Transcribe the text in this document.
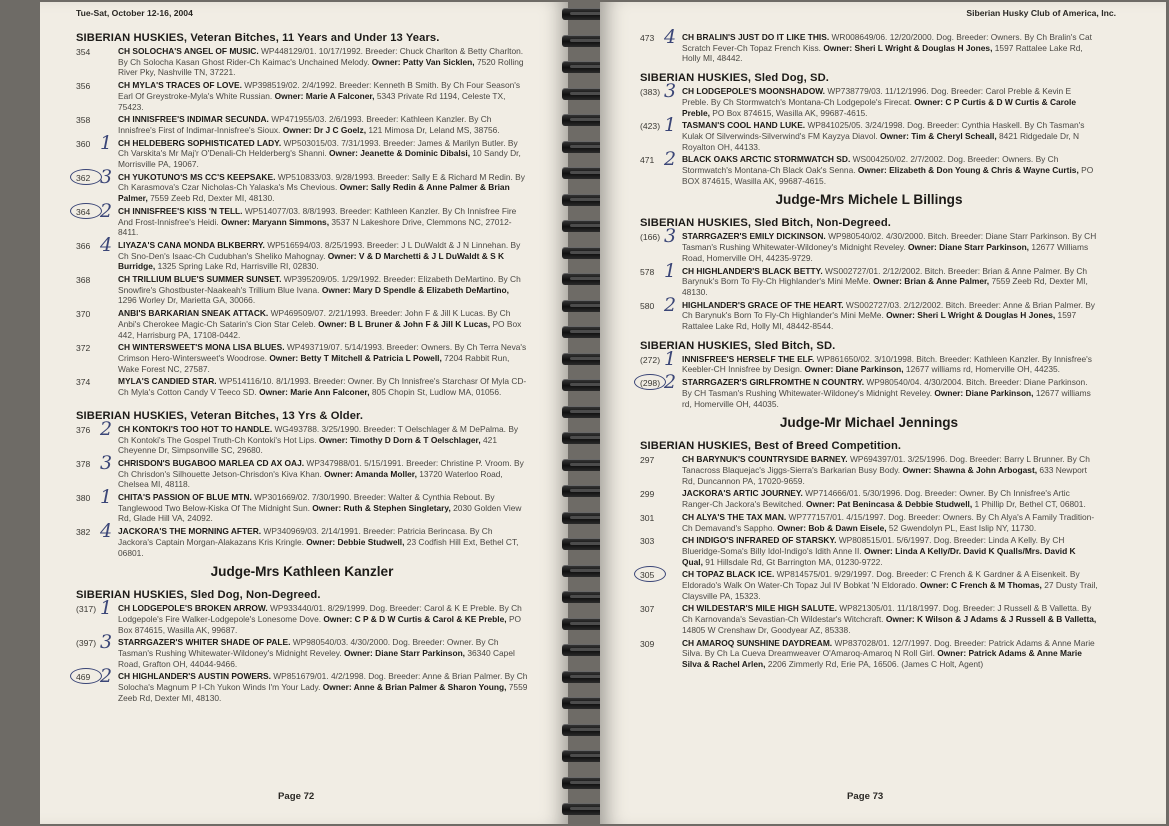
Tue-Sat, October 12-16, 2004
SIBERIAN HUSKIES, Veteran Bitches, 11 Years and Under 13 Years.
354	CH SOLOCHA'S ANGEL OF MUSIC. WP448129/01. 10/17/1992. Breeder: Chuck Charlton & Betty Charlton. By Ch Solocha Kasan Ghost Rider-Ch Kaimac's Unchained Melody. Owner: Patty Van Sicklen, 7520 Rolling River Pky, Nashville TN, 37221.
356	CH MYLA'S TRACES OF LOVE. WP398519/02. 2/4/1992. Breeder: Kenneth B Smith. By Ch Four Season's Earl Of Greystroke-Myla's White Russian. Owner: Marie A Falconer, 5343 Private Rd 1194, Celeste TX, 75423.
358	CH INNISFREE'S INDIMAR SECUNDA. WP471955/03. 2/6/1993. Breeder: Kathleen Kanzler. By Ch Innisfree's First of Indimar-Innisfree's Sioux. Owner: Dr J C Goelz, 121 Mimosa Dr, Leland MS, 38756.
360 1 CH HELDEBERG SOPHISTICATED LADY. WP503015/03. 7/31/1993. Breeder: James & Marilyn Butler. By Ch Varskita's Mr Maj'r O'Denali-Ch Helderberg's Shanni. Owner: Jeanette & Dominic Dibalsi, 10 Sandy Dr, Morrisville PA, 19067.
362 3 CH YUKOTUNO'S MS CC'S KEEPSAKE. WP510833/03. 9/28/1993. Breeder: Sally E & Richard M Redin. By Ch Karasmova's Czar Nicholas-Ch Yalaska's Ms Chevious. Owner: Sally Redin & Anne Palmer & Brian Palmer, 7559 Zeeb Rd, Dexter MI, 48130.
364 2 CH INNISFREE'S KISS 'N TELL. WP514077/03. 8/8/1993. Breeder: Kathleen Kanzler. By Ch Innisfree Fire And Frost-Innisfree's Heidi. Owner: Maryann Simmons, 3537 N Lakeshore Drive, Clemmons NC, 27012-8411.
366 4 LIYAZA'S CANA MONDA BLKBERRY. WP516594/03. 8/25/1993. Breeder: J L DuWaldt & J N Linnehan. By Ch Sno-Den's Isaac-Ch Cudubhan's Sheliko Mahognay. Owner: V & D Marchetti & J L DuWaldt & S K Burridge, 1325 Spring Lake Rd, Harrisville RI, 02830.
368	CH TRILLIUM BLUE'S SUMMER SUNSET. WP395209/05. 1/29/1992. Breeder: Elizabeth DeMartino. By Ch Snowfire's Ghostbuster-Naakeah's Trillium Blue Ivana. Owner: Mary D Spendle & Elizabeth DeMartino, 1296 Worley Dr, Marietta GA, 30066.
370	ANBI'S BARKARIAN SNEAK ATTACK. WP469509/07. 2/21/1993. Breeder: John F & Jill K Lucas. By Ch Anbi's Cherokee Magic-Ch Satarin's Cion Star Celeb. Owner: B L Bruner & John F & Jill K Lucas, PO Box 442, Harrisburg PA, 17108-0442.
372	CH WINTERSWEET'S MONA LISA BLUES. WP493719/07. 5/14/1993. Breeder: Owners. By Ch Terra Neva's Crimson Hero-Wintersweet's Woodrose. Owner: Betty T Mitchell & Patricia L Powell, 7204 Rabbit Run, Wake Forest NC, 27587.
374	MYLA'S CANDIED STAR. WP514116/10. 8/1/1993. Breeder: Owner. By Ch Innisfree's Starchasr Of Myla CD-Ch Myla's Cotton Candy V Teeco SD. Owner: Marie Ann Falconer, 805 Chopin St, Ludlow MA, 01056.
SIBERIAN HUSKIES, Veteran Bitches, 13 Yrs & Older.
376 2 CH KONTOKI'S TOO HOT TO HANDLE. WG493788. 3/25/1990. Breeder: T Oelschlager & M DePalma. By Ch Kontoki's The Gospel Truth-Ch Kontoki's Hot Lips. Owner: Timothy D Dorn & T Oelschlager, 421 Cheyenne Dr, Simpsonville SC, 29680.
378 3 CHRISDON'S BUGABOO MARLEA CD AX OAJ. WP347988/01. 5/15/1991. Breeder: Christine P. Vroom. By Ch Chrisdon's Silhouette Jetson-Chrisdon's Kiva Khan. Owner: Amanda Moller, 13720 Waterloo Road, Chelsea MI, 48118.
380 1 CHITA'S PASSION OF BLUE MTN. WP301669/02. 7/30/1990. Breeder: Walter & Cynthia Rebout. By Tanglewood Two Below-Kiska Of The Midnight Sun. Owner: Ruth & Stephen Singletary, 2030 Golden View Rd, Glade Hill VA, 24092.
382 4 JACKORA'S THE MORNING AFTER. WP340969/03. 2/14/1991. Breeder: Patricia Berincasa. By Ch Jackora's Captain Morgan-Alakazans Kris Kringle. Owner: Debbie Studwell, 23 Codfish Hill Ext, Bethel CT, 06801.
Judge-Mrs Kathleen Kanzler
SIBERIAN HUSKIES, Sled Dog, Non-Degreed.
(317) 1 CH LODGEPOLE'S BROKEN ARROW. WP933440/01. 8/29/1999. Dog. Breeder: Carol & K E Preble. By Ch Lodgepole's Fire Walker-Lodgepole's Lonesome Dove. Owner: C P & D W Curtis & Carol & KE Preble, PO Box 874615, Wasilla AK, 99687.
(397) 3 STARRGAZER'S WHITER SHADE OF PALE. WP980540/03. 4/30/2000. Dog. Breeder: Owner. By Ch Tasman's Rushing Whitewater-Wildoney's Midnight Reveley. Owner: Diane Starr Parkinson, 36340 Capel Road, Grafton OH, 44044-9466.
469 2 CH HIGHLANDER'S AUSTIN POWERS. WP851679/01. 4/2/1998. Dog. Breeder: Anne & Brian Palmer. By Ch Solocha's Magnum P I-Ch Yukon Winds I'm Your Lady. Owner: Anne & Brian Palmer & Sharon Young, 7559 Zeeb Rd, Dexter MI, 48130.
Page 72
Siberian Husky Club of America, Inc.
473 4 CH BRALIN'S JUST DO IT LIKE THIS. WR008649/06. 12/20/2000. Dog. Breeder: Owners. By Ch Bralin's Cat Scratch Fever-Ch Topaz French Kiss. Owner: Sheri L Wright & Douglas H Jones, 1597 Rattalee Lake Rd, Holly MI, 48442.
SIBERIAN HUSKIES, Sled Dog, SD.
(383) 3 CH LODGEPOLE'S MOONSHADOW. WP738779/03. 11/12/1996. Dog. Breeder: Carol Preble & Kevin E Preble. By Ch Stormwatch's Montana-Ch Lodgepole's Firecat. Owner: C P Curtis & D W Curtis & Carole Preble, PO Box 874615, Wasilla AK, 99687-4615.
(423) 1 TASMAN'S COOL HAND LUKE. WP841025/05. 3/24/1998. Dog. Breeder: Cynthia Haskell. By Ch Tasman's Kulak Of Silverwinds-Silverwind's FM Kayzya Diavol. Owner: Tim & Cheryl Scheall, 8421 Ridgedale Dr, N Royalton OH, 44133.
471 2 BLACK OAKS ARCTIC STORMWATCH SD. WS004250/02. 2/7/2002. Dog. Breeder: Owners. By Ch Stormwatch's Montana-Ch Black Oak's Senna. Owner: Elizabeth & Don Young & Chris & Wayne Curtis, PO BOX 874615, Wasilla AK, 99687-4615.
Judge-Mrs Michele L Billings
SIBERIAN HUSKIES, Sled Bitch, Non-Degreed.
(166) 3 STARRGAZER'S EMILY DICKINSON. WP980540/02. 4/30/2000. Bitch. Breeder: Diane Starr Parkinson. By CH Tasman's Rushing Whitewater-Wildoney's Midnight Reveley. Owner: Diane Starr Parkinson, 12677 Williams Road, Homerville OH, 44235-9729.
578 1 CH HIGHLANDER'S BLACK BETTY. WS002727/01. 2/12/2002. Bitch. Breeder: Brian & Anne Palmer. By Ch Barynuk's Born To Fly-Ch Highlander's Mini MeMe. Owner: Brian & Anne Palmer, 7559 Zeeb Rd, Dexter MI, 48130.
580 2 HIGHLANDER'S GRACE OF THE HEART. WS002727/03. 2/12/2002. Bitch. Breeder: Anne & Brian Palmer. By Ch Barynuk's Born To Fly-Ch Highlander's Mini MeMe. Owner: Sheri L Wright & Douglas H Jones, 1597 Rattalee Lake Rd, Holly MI, 48442-8544.
SIBERIAN HUSKIES, Sled Bitch, SD.
(272) 1 INNISFREE'S HERSELF THE ELF. WP861650/02. 3/10/1998. Bitch. Breeder: Kathleen Kanzler. By Innisfree's Keebler-CH Innisfree by Design. Owner: Diane Parkinson, 12677 williams rd, Homerville OH, 44235.
(298) 2 STARRGAZER'S GIRLFROMTHE N COUNTRY. WP980540/04. 4/30/2004. Bitch. Breeder: Diane Parkinson. By CH Tasman's Rushing Whitewater-Wildoney's Midnight Reveley. Owner: Diane Parkinson, 12677 williams rd, Homerville OH, 44035.
Judge-Mr Michael Jennings
SIBERIAN HUSKIES, Best of Breed Competition.
297	CH BARYNUK'S COUNTRYSIDE BARNEY. WP694397/01. 3/25/1996. Dog. Breeder: Barry L Brunner. By Ch Tanacross Blaquejac's Jiggs-Sierra's Barkarian Busy Body. Owner: Shawna & John Arbogast, 633 Newport Rd, Duncannon PA, 17020-9659.
299	JACKORA'S ARTIC JOURNEY. WP714666/01. 5/30/1996. Dog. Breeder: Owner. By Ch Innisfree's Artic Ranger-Ch Jackora's Bewitched. Owner: Pat Benincasa & Debbie Studwell, 1 Phillip Dr, Bethel CT, 06801.
301	CH ALYA'S THE TAX MAN. WP777157/01. 4/15/1997. Dog. Breeder: Owners. By Ch Alya's A Family Tradition-Ch Demavand's Sappho. Owner: Bob & Dawn Eisele, 52 Gwendolyn PL, East Islip NY, 11730.
303	CH INDIGO'S INFRARED OF STARSKY. WP808515/01. 5/6/1997. Dog. Breeder: Linda A Kelly. By CH Blueridge-Soma's Billy Idol-Indigo's Idith Anne II. Owner: Linda A Kelly/Dr. David K Qualls/Mrs. David K Qual, 91 Hillsdale Rd, Gt Barrington MA, 01230-9722.
305	CH TOPAZ BLACK ICE. WP814575/01. 9/29/1997. Dog. Breeder: C French & K Gardner & A Eisenkeit. By Eldorado's Walk On Water-Ch Topaz Jul IV Bobkat 'N Eldorado. Owner: C French & M Thomas, 27 Dusty Trail, Claysville PA, 15323.
307	CH WILDESTAR'S MILE HIGH SALUTE. WP821305/01. 11/18/1997. Dog. Breeder: J Russell & B Valletta. By Ch Karnovanda's Sevastian-Ch Wildestar's Witchcraft. Owner: K Wilson & J Adams & J Russell & B Valletta, 14805 W Crenshaw Dr, Goodyear AZ, 85338.
309	CH AMAROQ SUNSHINE DAYDREAM. WP837028/01. 12/7/1997. Dog. Breeder: Patrick Adams & Anne Marie Silva. By Ch La Cueva Dreamweaver O'Amaroq-Amaroq N Roll Girl. Owner: Patrick Adams & Anne Marie Silva & Rachel Arlen, 2206 Zimmerly Rd, Erie PA, 16506. (James C Holt, Agent)
Page 73
